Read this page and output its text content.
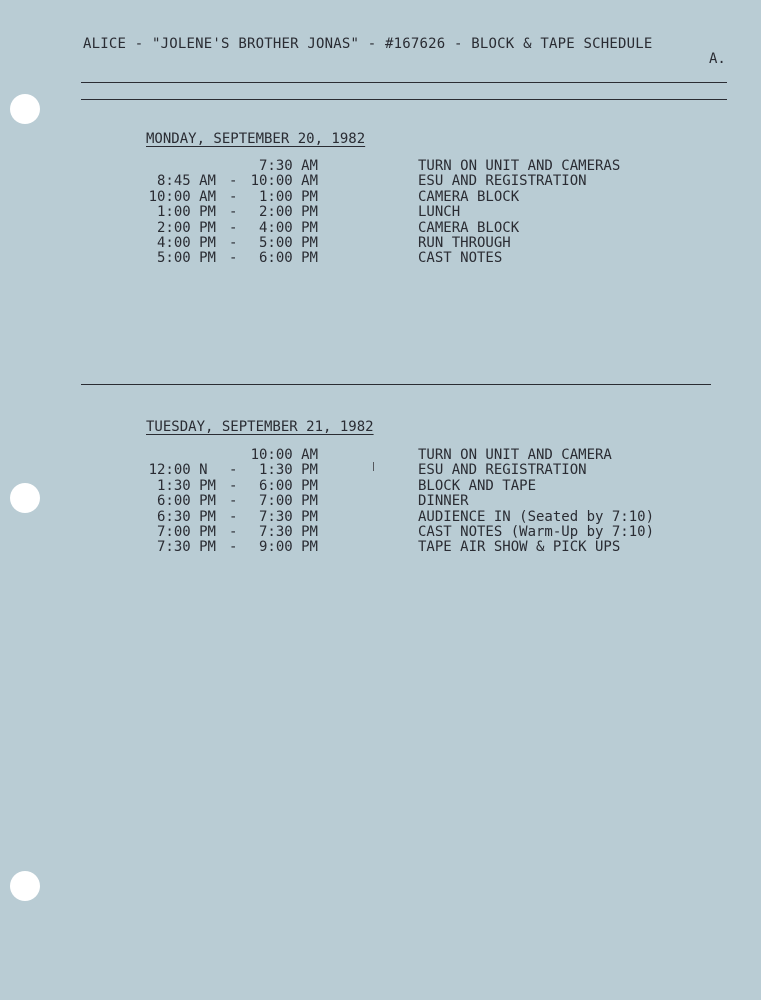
ALICE - "JOLENE'S BROTHER JONAS" - #167626 - BLOCK & TAPE SCHEDULE
A.
MONDAY, SEPTEMBER 20, 1982
7:30 AM	TURN ON UNIT AND CAMERAS
8:45 AM - 10:00 AM	ESU AND REGISTRATION
10:00 AM - 1:00 PM	CAMERA BLOCK
1:00 PM - 2:00 PM	LUNCH
2:00 PM - 4:00 PM	CAMERA BLOCK
4:00 PM - 5:00 PM	RUN THROUGH
5:00 PM - 6:00 PM	CAST NOTES
TUESDAY, SEPTEMBER 21, 1982
10:00 AM	TURN ON UNIT AND CAMERA
12:00 N - 1:30 PM	ESU AND REGISTRATION
1:30 PM - 6:00 PM	BLOCK AND TAPE
6:00 PM - 7:00 PM	DINNER
6:30 PM - 7:30 PM	AUDIENCE IN (Seated by 7:10)
7:00 PM - 7:30 PM	CAST NOTES (Warm-Up by 7:10)
7:30 PM - 9:00 PM	TAPE AIR SHOW & PICK UPS
